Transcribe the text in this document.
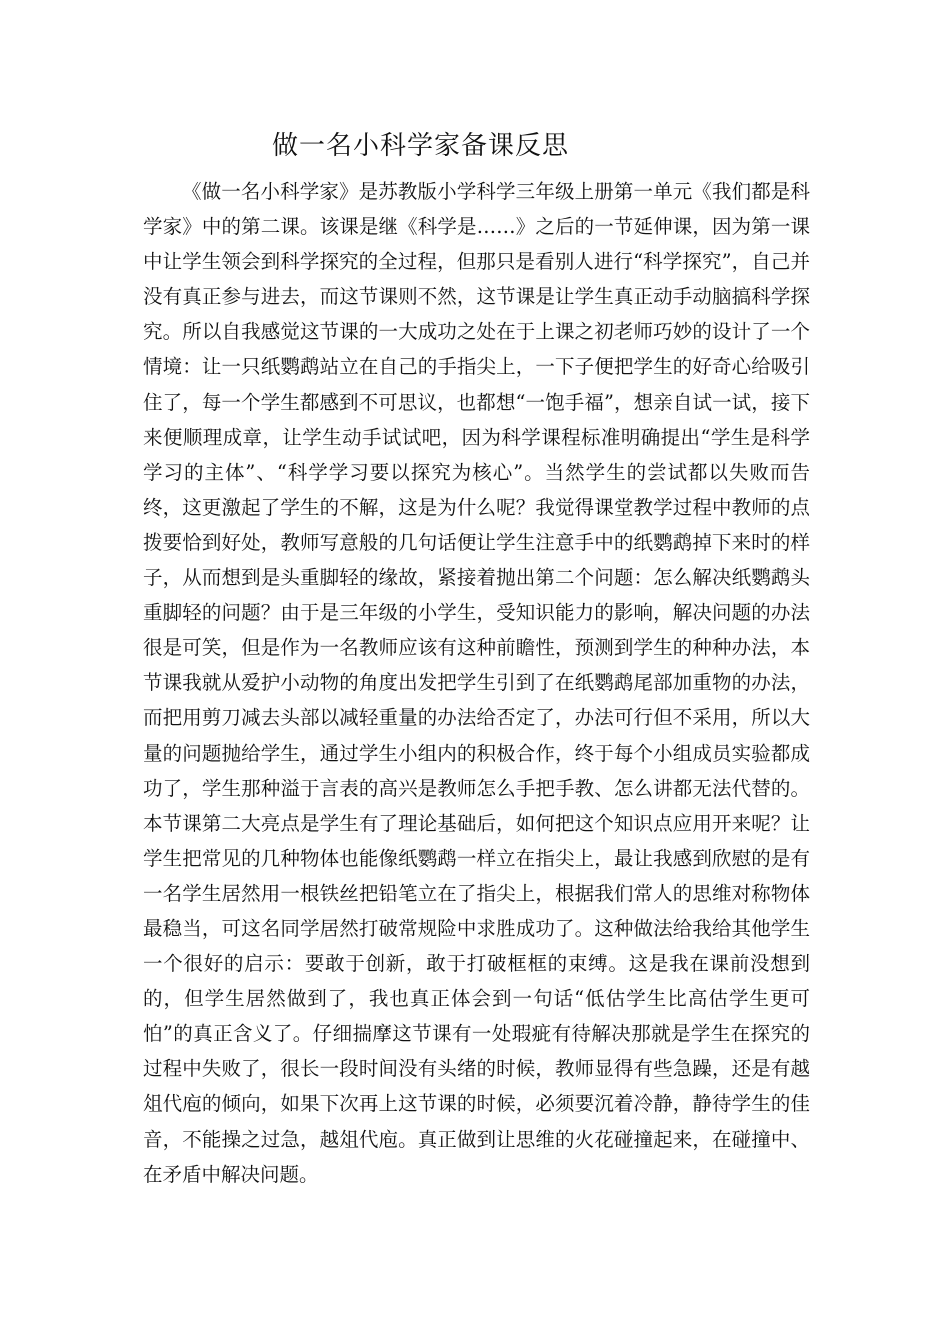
做一名小科学家备课反思

《做一名小科学家》是苏教版小学科学三年级上册第一单元《我们都是科学家》中的第二课。该课是继《科学是……》之后的一节延伸课，因为第一课中让学生领会到科学探究的全过程，但那只是看别人进行“科学探究”，自己并没有真正参与进去，而这节课则不然，这节课是让学生真正动手动脑搞科学探究。所以自我感觉这节课的一大成功之处在于上课之初老师巧妙的设计了一个情境：让一只纸鹦鹉站立在自己的手指尖上，一下子便把学生的好奇心给吸引住了，每一个学生都感到不可思议，也都想“一饱手福”，想亲自试一试，接下来便顺理成章，让学生动手试试吧，因为科学课程标准明确提出“学生是科学学习的主体”、“科学学习要以探究为核心”。当然学生的尝试都以失败而告终，这更激起了学生的不解，这是为什么呢？我觉得课堂教学过程中教师的点拨要恰到好处，教师写意般的几句话便让学生注意手中的纸鹦鹉掉下来时的样子，从而想到是头重脚轻的缘故，紧接着抛出第二个问题：怎么解决纸鹦鹉头重脚轻的问题？由于是三年级的小学生，受知识能力的影响，解决问题的办法很是可笑，但是作为一名教师应该有这种前瞻性，预测到学生的种种办法，本节课我就从爱护小动物的角度出发把学生引到了在纸鹦鹉尾部加重物的办法，而把用剪刀减去头部以减轻重量的办法给否定了，办法可行但不采用，所以大量的问题抛给学生，通过学生小组内的积极合作，终于每个小组成员实验都成功了，学生那种溢于言表的高兴是教师怎么手把手教、怎么讲都无法代替的。本节课第二大亮点是学生有了理论基础后，如何把这个知识点应用开来呢？让学生把常见的几种物体也能像纸鹦鹉一样立在指尖上，最让我感到欣慰的是有一名学生居然用一根铁丝把铅笔立在了指尖上，根据我们常人的思维对称物体最稳当，可这名同学居然打破常规险中求胜成功了。这种做法给我给其他学生一个很好的启示：要敢于创新，敢于打破框框的束缚。这是我在课前没想到的，但学生居然做到了，我也真正体会到一句话“低估学生比高估学生更可怕”的真正含义了。仔细揣摩这节课有一处瑕疵有待解决那就是学生在探究的过程中失败了，很长一段时间没有头绪的时候，教师显得有些急躁，还是有越俎代庖的倾向，如果下次再上这节课的时候，必须要沉着冷静，静待学生的佳音，不能操之过急，越俎代庖。真正做到让思维的火花碰撞起来，在碰撞中、在矛盾中解决问题。
